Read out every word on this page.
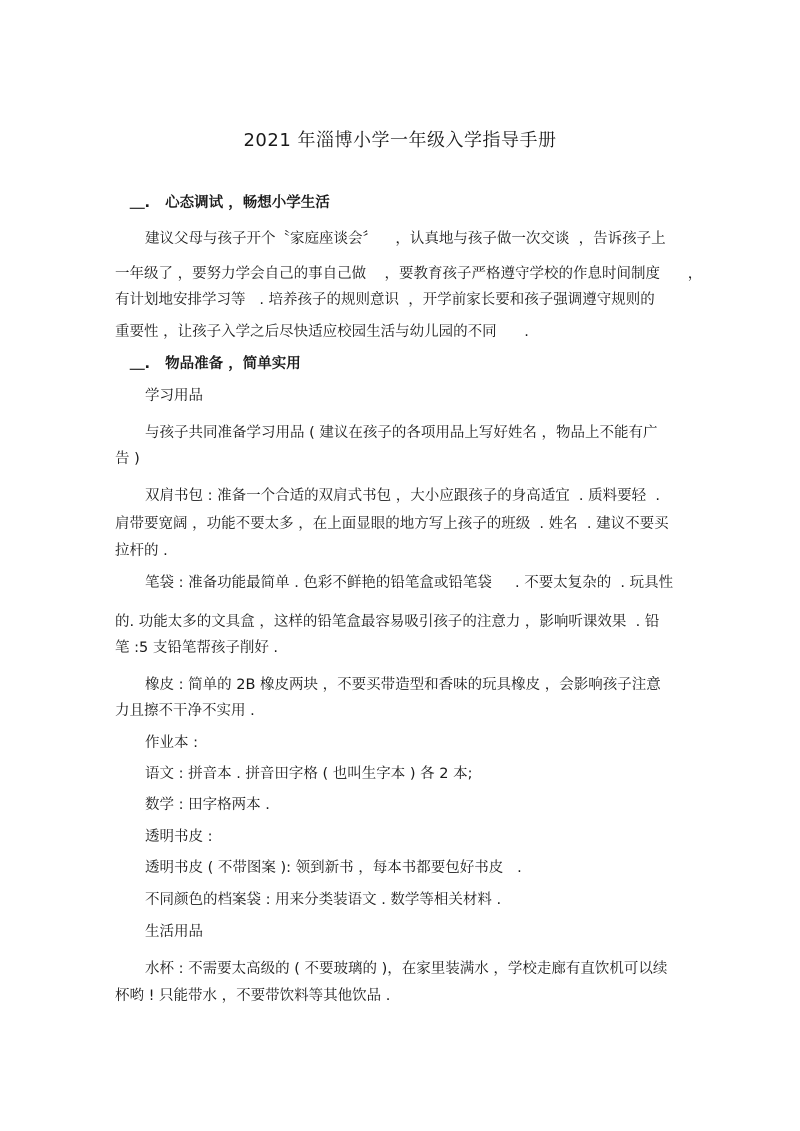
2021 年淄博小学一年级入学指导手册
＿.   心态调试 ，畅想小学生活
建议父母与孩子开个〝家庭座谈会〞    ，认真地与孩子做一次交谈  ，告诉孩子上
一年级了 ，要努力学会自己的事自己做    ，要教育孩子严格遵守学校的作息时间制度      ，
有计划地安排学习等   . 培养孩子的规则意识  ，开学前家长要和孩子强调遵守规则的
重要性 ，让孩子入学之后尽快适应校园生活与幼儿园的不同      .
＿.   物品准备 ，简单实用
学习用品
与孩子共同准备学习用品 ( 建议在孩子的各项用品上写好姓名 ，物品上不能有广
告 )
双肩书包 : 准备一个合适的双肩式书包 ，大小应跟孩子的身高适宜  . 质料要轻  .
肩带要宽阔 ，功能不要太多 ，在上面显眼的地方写上孩子的班级  . 姓名  . 建议不要买
拉杆的 .
笔袋 : 准备功能最简单 . 色彩不鲜艳的铅笔盒或铅笔袋     . 不要太复杂的  . 玩具性
的. 功能太多的文具盒 ，这样的铅笔盒最容易吸引孩子的注意力 ，影响听课效果  . 铅
笔 :5 支铅笔帮孩子削好 .
橡皮 : 简单的 2B 橡皮两块 ，不要买带造型和香味的玩具橡皮 ，会影响孩子注意
力且擦不干净不实用 .
作业本 :
语文 : 拼音本 . 拼音田字格 ( 也叫生字本 ) 各 2 本;
数学 : 田字格两本 .
透明书皮 :
透明书皮 ( 不带图案 ): 领到新书 ，每本书都要包好书皮   .
不同颜色的档案袋 : 用来分类装语文 . 数学等相关材料 .
生活用品
水杯 : 不需要太高级的 ( 不要玻璃的 )，在家里装满水 ，学校走廊有直饮机可以续
杯哟 ! 只能带水 ，不要带饮料等其他饮品 .
